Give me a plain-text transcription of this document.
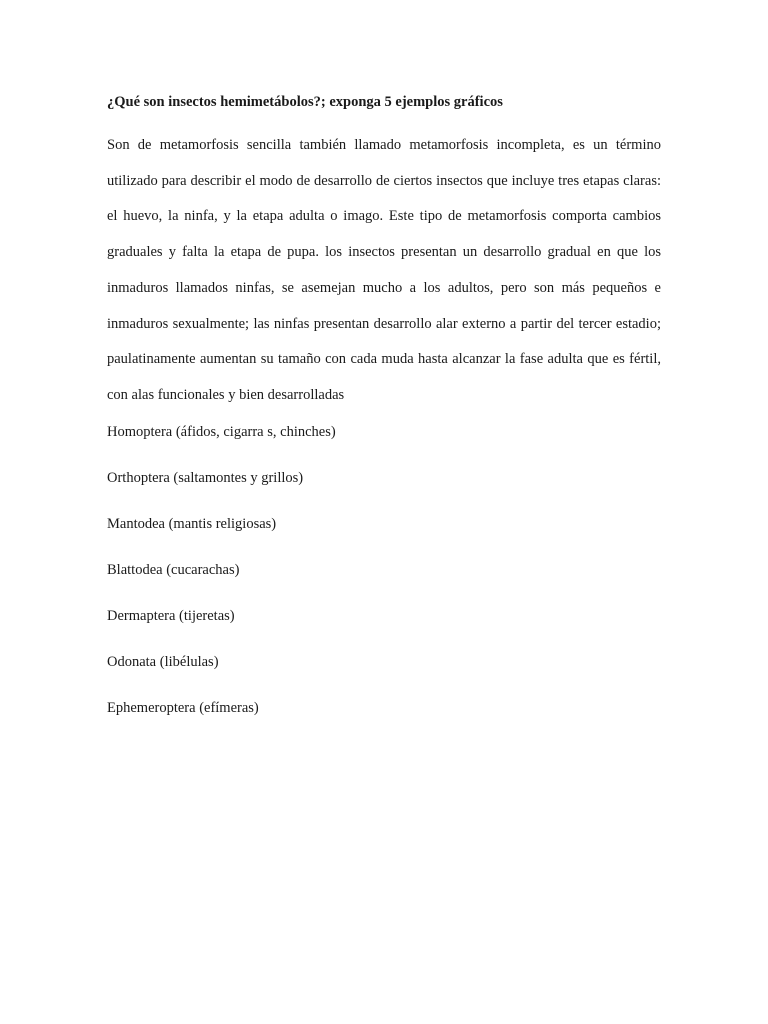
¿Qué son insectos hemimetábolos?; exponga 5 ejemplos gráficos

Son de metamorfosis sencilla también llamado metamorfosis incompleta, es un término utilizado para describir el modo de desarrollo de ciertos insectos que incluye tres etapas claras: el huevo, la ninfa, y la etapa adulta o imago. Este tipo de metamorfosis comporta cambios graduales y falta la etapa de pupa. los insectos presentan un desarrollo gradual en que los inmaduros llamados ninfas, se asemejan mucho a los adultos, pero son más pequeños e inmaduros sexualmente; las ninfas presentan desarrollo alar externo a partir del tercer estadio; paulatinamente aumentan su tamaño con cada muda hasta alcanzar la fase adulta que es fértil, con alas funcionales y bien desarrolladas

Homoptera (áfidos, cigarra s, chinches)
Orthoptera (saltamontes y grillos)
Mantodea (mantis religiosas)
Blattodea (cucarachas)
Dermaptera (tijeretas)
Odonata (libélulas)
Ephemeroptera (efímeras)
